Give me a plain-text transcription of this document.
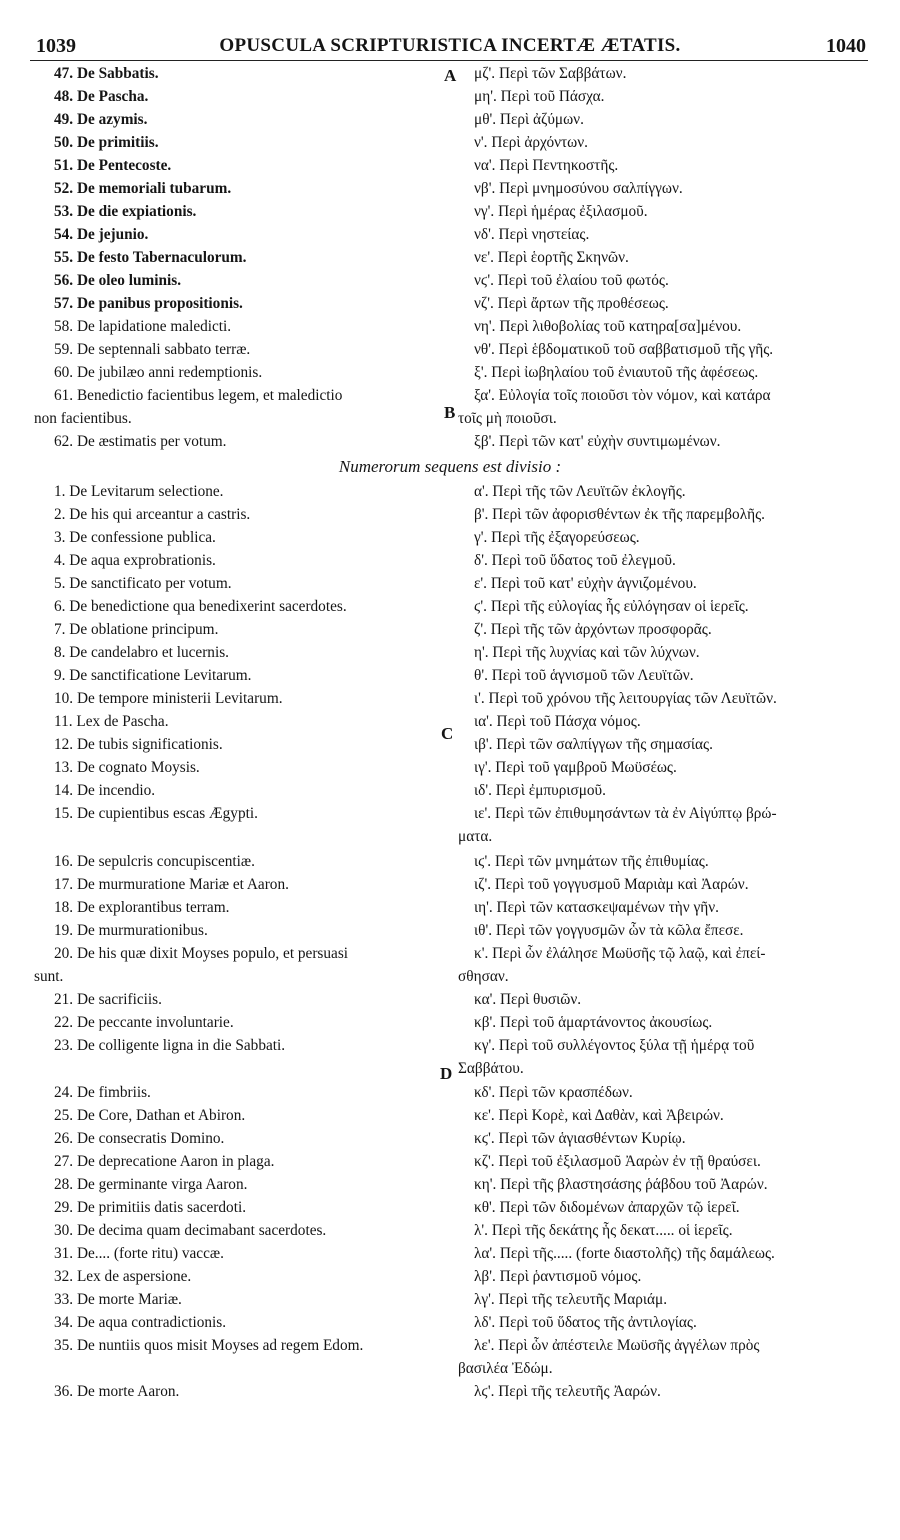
1039	OPUSCULA SCRIPTURISTICA INCERTÆ ÆTATIS.	1040
A
B
C
D
47. De Sabbatis.
48. De Pascha.
49. De azymis.
50. De primitiis.
51. De Pentecoste.
52. De memoriali tubarum.
53. De die expiationis.
54. De jejunio.
55. De festo Tabernaculorum.
56. De oleo luminis.
57. De panibus propositionis.
58. De lapidatione maledicti.
59. De septennali sabbato terræ.
60. De jubilæo anni redemptionis.
61. Benedictio facientibus legem, et maledictio
non facientibus.
62. De æstimatis per votum.
Numerorum sequens est divisio :
1. De Levitarum selectione.
2. De his qui arceantur a castris.
3. De confessione publica.
4. De aqua exprobrationis.
5. De sanctificato per votum.
6. De benedictione qua benedixerint sacerdotes.
7. De oblatione principum.
8. De candelabro et lucernis.
9. De sanctificatione Levitarum.
10. De tempore ministerii Levitarum.
11. Lex de Pascha.
12. De tubis significationis.
13. De cognato Moysis.
14. De incendio.
15. De cupientibus escas Ægypti.
16. De sepulcris concupiscentiæ.
17. De murmuratione Mariæ et Aaron.
18. De explorantibus terram.
19. De murmurationibus.
20. De his quæ dixit Moyses populo, et persuasi
sunt.
21. De sacrificiis.
22. De peccante involuntarie.
23. De colligente ligna in die Sabbati.
24. De fimbriis.
25. De Core, Dathan et Abiron.
26. De consecratis Domino.
27. De deprecatione Aaron in plaga.
28. De germinante virga Aaron.
29. De primitiis datis sacerdoti.
30. De decima quam decimabant sacerdotes.
31. De.... (forte ritu) vaccæ.
32. Lex de aspersione.
33. De morte Mariæ.
34. De aqua contradictionis.
35. De nuntiis quos misit Moyses ad regem Edom.
36. De morte Aaron.
μζ'. Περὶ τῶν Σαββάτων.
μη'. Περὶ τοῦ Πάσχα.
μθ'. Περὶ ἀζύμων.
ν'. Περὶ ἀρχόντων.
να'. Περὶ Πεντηκοστῆς.
νβ'. Περὶ μνημοσύνου σαλπίγγων.
νγ'. Περὶ ἡμέρας ἐξιλασμοῦ.
νδ'. Περὶ νηστείας.
νε'. Περὶ ἑορτῆς Σκηνῶν.
νϛ'. Περὶ τοῦ ἐλαίου τοῦ φωτός.
νζ'. Περὶ ἄρτων τῆς προθέσεως.
νη'. Περὶ λιθοβολίας τοῦ κατηρα[σα]μένου.
νθ'. Περὶ ἑβδοματικοῦ τοῦ σαββατισμοῦ τῆς γῆς.
ξ'. Περὶ ἰωβηλαίου τοῦ ἐνιαυτοῦ τῆς ἀφέσεως.
ξα'. Εὐλογία τοῖς ποιοῦσι τὸν νόμον, καὶ κατάρα
τοῖς μὴ ποιοῦσι.
ξβ'. Περὶ τῶν κατ' εὐχὴν συντιμωμένων.
α'. Περὶ τῆς τῶν Λευϊτῶν ἐκλογῆς.
β'. Περὶ τῶν ἀφορισθέντων ἐκ τῆς παρεμβολῆς.
γ'. Περὶ τῆς ἐξαγορεύσεως.
δ'. Περὶ τοῦ ὕδατος τοῦ ἐλεγμοῦ.
ε'. Περὶ τοῦ κατ' εὐχὴν ἁγνιζομένου.
ϛ'. Περὶ τῆς εὐλογίας ἧς εὐλόγησαν οἱ ἱερεῖς.
ζ'. Περὶ τῆς τῶν ἀρχόντων προσφορᾶς.
η'. Περὶ τῆς λυχνίας καὶ τῶν λύχνων.
θ'. Περὶ τοῦ ἁγνισμοῦ τῶν Λευϊτῶν.
ι'. Περὶ τοῦ χρόνου τῆς λειτουργίας τῶν Λευϊτῶν.
ια'. Περὶ τοῦ Πάσχα νόμος.
ιβ'. Περὶ τῶν σαλπίγγων τῆς σημασίας.
ιγ'. Περὶ τοῦ γαμβροῦ Μωϋσέως.
ιδ'. Περὶ ἐμπυρισμοῦ.
ιε'. Περὶ τῶν ἐπιθυμησάντων τὰ ἐν Αἰγύπτῳ βρώ-
ματα.
ιϛ'. Περὶ τῶν μνημάτων τῆς ἐπιθυμίας.
ιζ'. Περὶ τοῦ γογγυσμοῦ Μαριὰμ καὶ Ἀαρών.
ιη'. Περὶ τῶν κατασκεψαμένων τὴν γῆν.
ιθ'. Περὶ τῶν γογγυσμῶν ὧν τὰ κῶλα ἔπεσε.
κ'. Περὶ ὧν ἐλάλησε Μωϋσῆς τῷ λαῷ, καὶ ἐπεί-
σθησαν.
κα'. Περὶ θυσιῶν.
κβ'. Περὶ τοῦ ἁμαρτάνοντος ἀκουσίως.
κγ'. Περὶ τοῦ συλλέγοντος ξύλα τῇ ἡμέρᾳ τοῦ
Σαββάτου.
κδ'. Περὶ τῶν κρασπέδων.
κε'. Περὶ Κορὲ, καὶ Δαθὰν, καὶ Ἀβειρών.
κϛ'. Περὶ τῶν ἁγιασθέντων Κυρίῳ.
κζ'. Περὶ τοῦ ἐξιλασμοῦ Ἀαρὼν ἐν τῇ θραύσει.
κη'. Περὶ τῆς βλαστησάσης ῥάβδου τοῦ Ἀαρών.
κθ'. Περὶ τῶν διδομένων ἀπαρχῶν τῷ ἱερεῖ.
λ'. Περὶ τῆς δεκάτης ἧς δεκατ..... οἱ ἱερεῖς.
λα'. Περὶ τῆς..... (forte διαστολῆς) τῆς δαμάλεως.
λβ'. Περὶ ῥαντισμοῦ νόμος.
λγ'. Περὶ τῆς τελευτῆς Μαριάμ.
λδ'. Περὶ τοῦ ὕδατος τῆς ἀντιλογίας.
λε'. Περὶ ὧν ἀπέστειλε Μωϋσῆς ἀγγέλων πρὸς
βασιλέα Ἐδώμ.
λϛ'. Περὶ τῆς τελευτῆς Ἀαρών.
